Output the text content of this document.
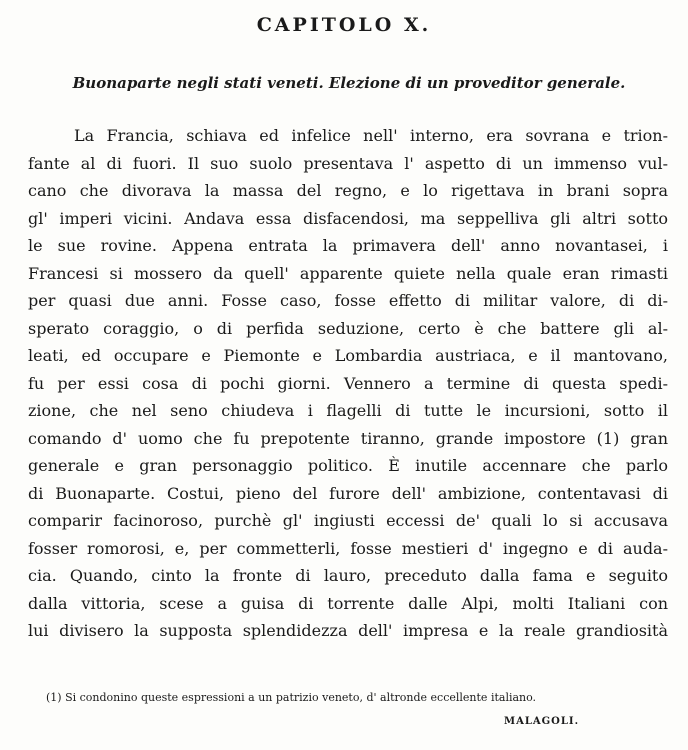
CAPITOLO X.
Buonaparte negli stati veneti. Elezione di un proveditor generale.
La Francia, schiava ed infelice nell' interno, era sovrana e trion-
fante al di fuori. Il suo suolo presentava l' aspetto di un immenso vul-
cano che divorava la massa del regno, e lo rigettava in brani sopra
gl' imperi vicini. Andava essa disfacendosi, ma seppelliva gli altri sotto
le sue rovine. Appena entrata la primavera dell' anno novantasei, i
Francesi si mossero da quell' apparente quiete nella quale eran rimasti
per quasi due anni. Fosse caso, fosse effetto di militar valore, di di-
sperato coraggio, o di perfida seduzione, certo è che battere gli al-
leati, ed occupare e Piemonte e Lombardia austriaca, e il mantovano,
fu per essi cosa di pochi giorni. Vennero a termine di questa spedi-
zione, che nel seno chiudeva i flagelli di tutte le incursioni, sotto il
comando d' uomo che fu prepotente tiranno, grande impostore (1) gran
generale e gran personaggio politico. È inutile accennare che parlo
di Buonaparte. Costui, pieno del furore dell' ambizione, contentavasi di
comparir facinoroso, purchè gl' ingiusti eccessi de' quali lo si accusava
fosser romorosi, e, per commetterli, fosse mestieri d' ingegno e di auda-
cia. Quando, cinto la fronte di lauro, preceduto dalla fama e seguito
dalla vittoria, scese a guisa di torrente dalle Alpi, molti Italiani con
lui divisero la supposta splendidezza dell' impresa e la reale grandiosità
(1) Si condonino queste espressioni a un patrizio veneto, d' altronde eccellente italiano.
MALAGOLI.
